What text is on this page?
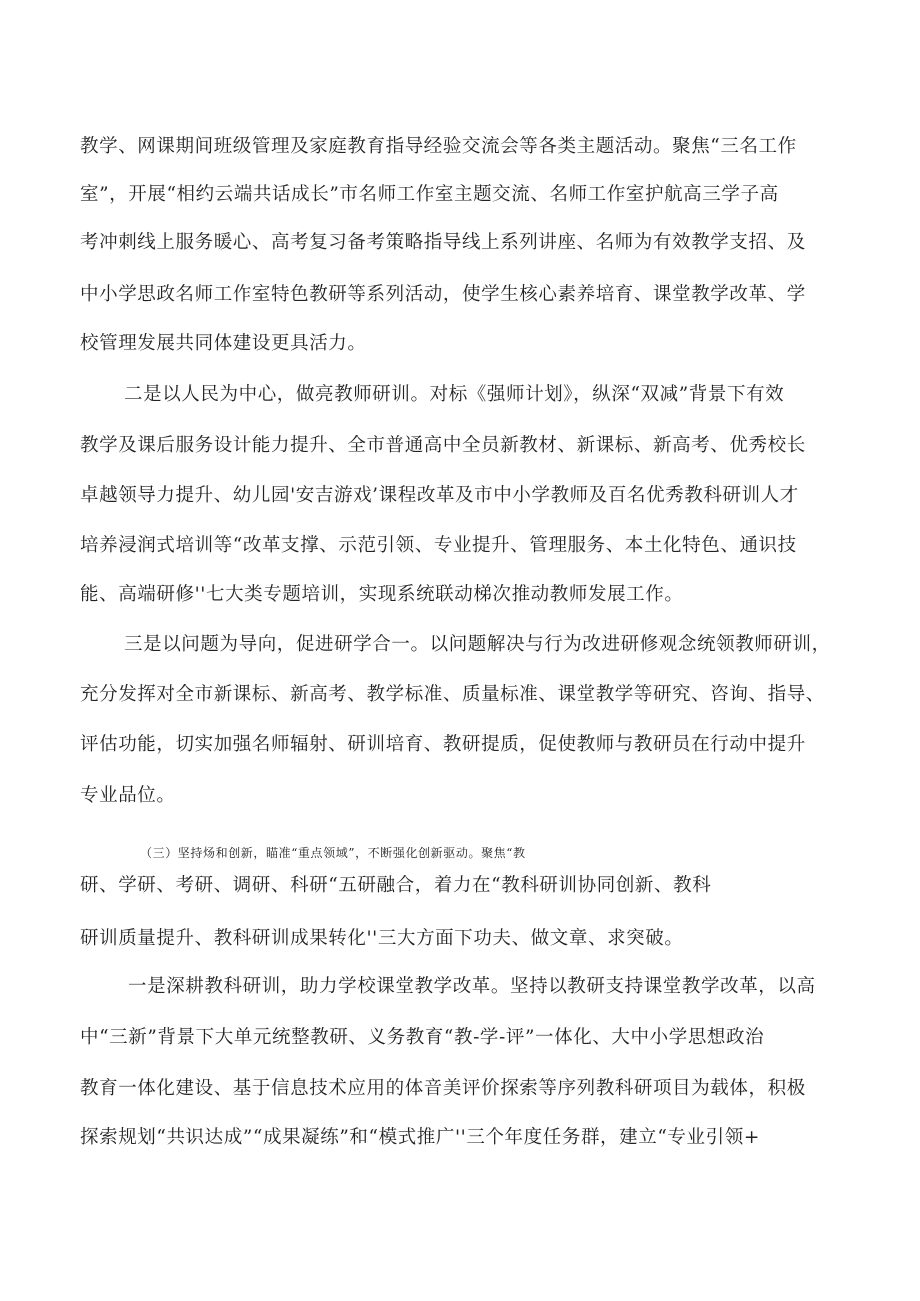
教学、网课期间班级管理及家庭教育指导经验交流会等各类主题活动。聚焦“三名工作
室”，开展“相约云端共话成长”市名师工作室主题交流、名师工作室护航高三学子高
考冲刺线上服务暖心、高考复习备考策略指导线上系列讲座、名师为有效教学支招、及
中小学思政名师工作室特色教研等系列活动，使学生核心素养培育、课堂教学改革、学
校管理发展共同体建设更具活力。
二是以人民为中心，做亮教师研训。对标《强师计划》，纵深“双减”背景下有效
教学及课后服务设计能力提升、全市普通高中全员新教材、新课标、新高考、优秀校长
卓越领导力提升、幼儿园'安吉游戏’课程改革及市中小学教师及百名优秀教科研训人才
培养浸润式培训等“改革支撑、示范引领、专业提升、管理服务、本土化特色、通识技
能、高端研修''七大类专题培训，实现系统联动梯次推动教师发展工作。
三是以问题为导向，促进研学合一。以问题解决与行为改进研修观念统领教师研训，
充分发挥对全市新课标、新高考、教学标准、质量标准、课堂教学等研究、咨询、指导、
评估功能，切实加强名师辐射、研训培育、教研提质，促使教师与教研员在行动中提升
专业品位。
（三）坚持炀和创新，瞄准“重点领域”，不断强化创新驱动。聚焦“教
研、学研、考研、调研、科研“五研融合，着力在“教科研训协同创新、教科
研训质量提升、教科研训成果转化''三大方面下功夫、做文章、求突破。
一是深耕教科研训，助力学校课堂教学改革。坚持以教研支持课堂教学改革，以高
中“三新”背景下大单元统整教研、义务教育“教-学-评”一体化、大中小学思想政治
教育一体化建设、基于信息技术应用的体音美评价探索等序列教科研项目为载体，积极
探索规划“共识达成”“成果凝练”和“模式推广''三个年度任务群，建立“专业引领+
